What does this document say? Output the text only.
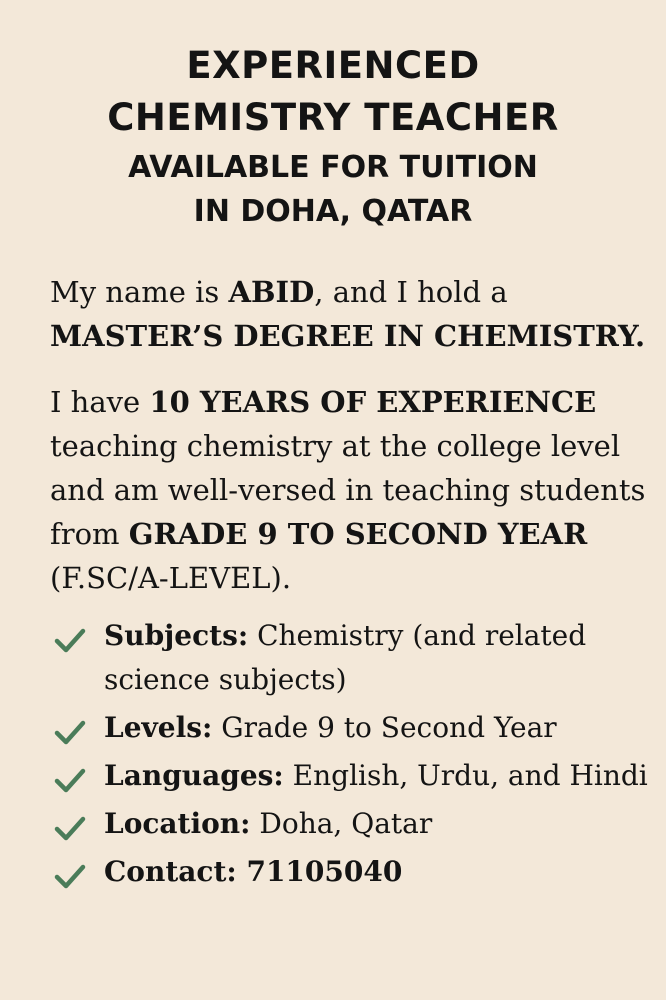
EXPERIENCED
CHEMISTRY TEACHER
AVAILABLE FOR TUITION
IN DOHA, QATAR

My name is ABID, and I hold a
MASTER’S DEGREE IN CHEMISTRY.

I have 10 YEARS OF EXPERIENCE
teaching chemistry at the college level
and am well-versed in teaching students
from GRADE 9 TO SECOND YEAR
(F.SC/A-LEVEL).

Subjects: Chemistry (and related
science subjects)
Levels: Grade 9 to Second Year
Languages: English, Urdu, and Hindi
Location: Doha, Qatar
Contact: 71105040
